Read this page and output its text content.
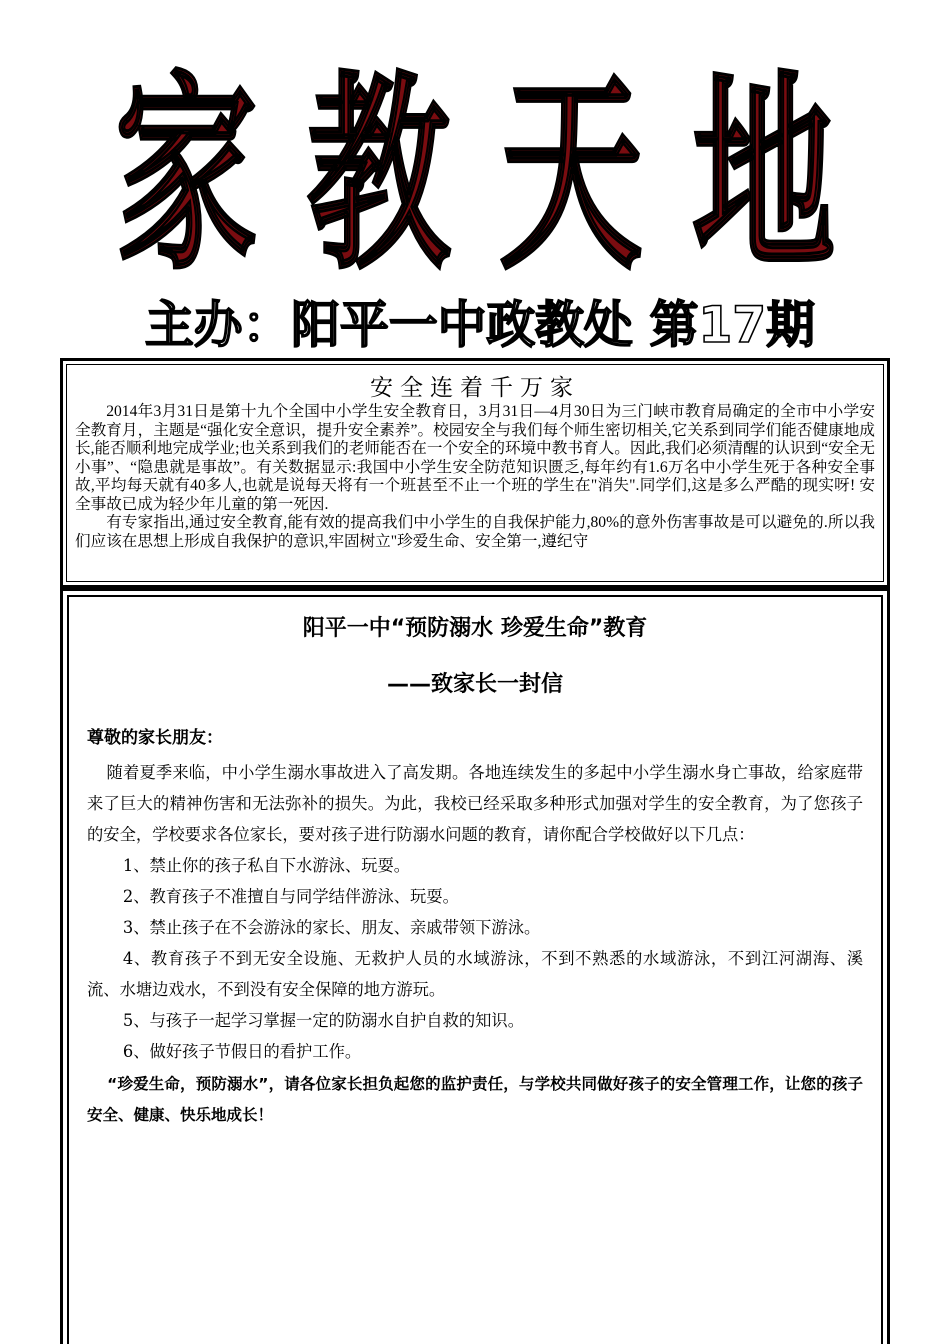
家 教 天 地
主办：阳平一中政教处 第17期
安全连着千万家

2014年3月31日是第十九个全国中小学生安全教育日，3月31日—4月30日为三门峡市教育局确定的全市中小学安全教育月，主题是“强化安全意识，提升安全素养”。校园安全与我们每个师生密切相关,它关系到同学们能否健康地成长,能否顺利地完成学业;也关系到我们的老师能否在一个安全的环境中教书育人。因此,我们必须清醒的认识到“安全无小事”、“隐患就是事故”。有关数据显示:我国中小学生安全防范知识匮乏,每年约有1.6万名中小学生死于各种安全事故,平均每天就有40多人,也就是说每天将有一个班甚至不止一个班的学生在"消失".同学们,这是多么严酷的现实呀! 安全事故已成为轻少年儿童的第一死因.

有专家指出,通过安全教育,能有效的提高我们中小学生的自我保护能力,80%的意外伤害事故是可以避免的.所以我们应该在思想上形成自我保护的意识,牢固树立"珍爱生命、安全第一,遵纪守

阳平一中“预防溺水 珍爱生命”教育

——致家长一封信

尊敬的家长朋友：

随着夏季来临，中小学生溺水事故进入了高发期。各地连续发生的多起中小学生溺水身亡事故，给家庭带来了巨大的精神伤害和无法弥补的损失。为此，我校已经采取多种形式加强对学生的安全教育，为了您孩子的安全，学校要求各位家长，要对孩子进行防溺水问题的教育，请你配合学校做好以下几点：

1、禁止你的孩子私自下水游泳、玩耍。

2、教育孩子不准擅自与同学结伴游泳、玩耍。

3、禁止孩子在不会游泳的家长、朋友、亲戚带领下游泳。

4、教育孩子不到无安全设施、无救护人员的水域游泳，不到不熟悉的水域游泳，不到江河湖海、溪流、水塘边戏水，不到没有安全保障的地方游玩。

5、与孩子一起学习掌握一定的防溺水自护自救的知识。

6、做好孩子节假日的看护工作。

“珍爱生命，预防溺水”，请各位家长担负起您的监护责任，与学校共同做好孩子的安全管理工作，让您的孩子安全、健康、快乐地成长！
